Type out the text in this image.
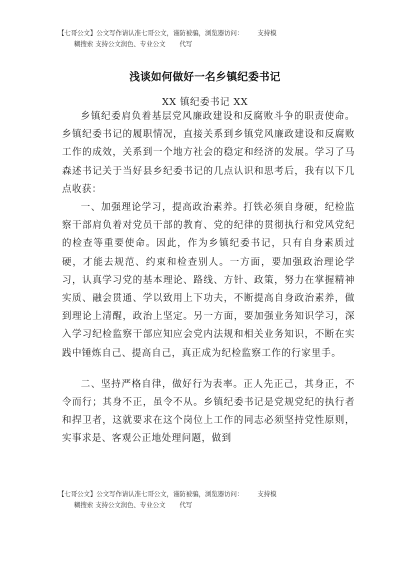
【七哥公文】公文写作请认准七哥公文，谨防被骗，浏览器访问： 支持模
糊搜索 支持公文润色、专业公文 代写
浅谈如何做好一名乡镇纪委书记
XX 镇纪委书记 XX

乡镇纪委肩负着基层党风廉政建设和反腐败斗争的职责使命。乡镇纪委书记的履职情况，直接关系到乡镇党风廉政建设和反腐败工作的成效，关系到一个地方社会的稳定和经济的发展。学习了马森述书记关于当好县乡纪委书记的几点认识和思考后，我有以下几点收获：

一、加强理论学习，提高政治素养。打铁必须自身硬，纪检监察干部肩负着对党员干部的教育、党的纪律的贯彻执行和党风党纪的检查等重要使命。因此，作为乡镇纪委书记，只有自身素质过硬，才能去规范、约束和检查别人。一方面，要加强政治理论学习，认真学习党的基本理论、路线、方针、政策，努力在掌握精神实质、融会贯通、学以致用上下功夫，不断提高自身政治素养，做到理论上清醒，政治上坚定。另一方面，要加强业务知识学习，深入学习纪检监察干部应知应会党内法规和相关业务知识，不断在实践中锤炼自己、提高自己，真正成为纪检监察工作的行家里手。

二、坚持严格自律，做好行为表率。正人先正己，其身正，不令而行；其身不正，虽令不从。乡镇纪委书记是党规党纪的执行者和捍卫者，这就要求在这个岗位上工作的同志必须坚持党性原则，实事求是、客观公正地处理问题，做到

【七哥公文】公文写作请认准七哥公文，谨防被骗，浏览器访问： 支持模
糊搜索 支持公文润色、专业公文 代写
